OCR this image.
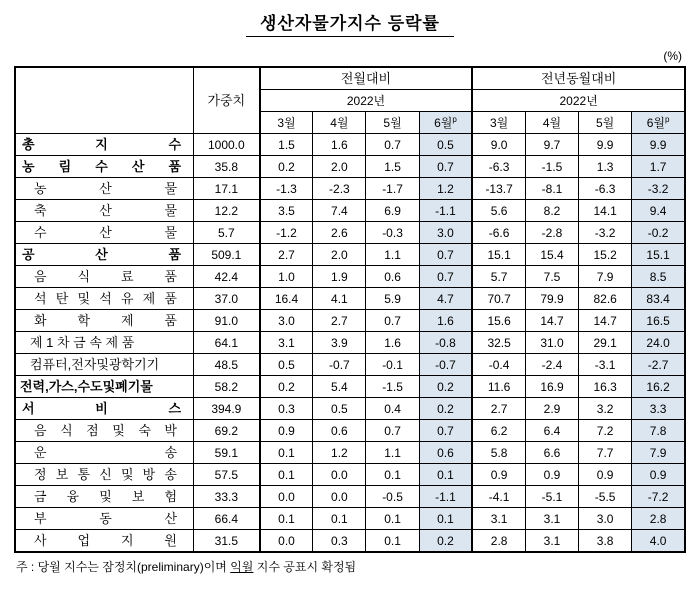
생산자물가지수 등락률
(%)
	가중치	전월대비				전년동월대비			
		2022년				2022년			
		3월	4월	5월	6월$^p$	3월	4월	5월	6월$^p$

총 지 수	1000.0	1.5	1.6	0.7	0.5	9.0	9.7	9.9	9.9

농 림 수 산 품	35.8	0.2	2.0	1.5	0.7	-6.3	-1.5	1.3	1.7

농 산 물	17.1	-1.3	-2.3	-1.7	1.2	-13.7	-8.1	-6.3	-3.2

축 산 물	12.2	3.5	7.4	6.9	-1.1	5.6	8.2	14.1	9.4

수 산 물	5.7	-1.2	2.6	-0.3	3.0	-6.6	-2.8	-3.2	-0.2

공 산 품	509.1	2.7	2.0	1.1	0.7	15.1	15.4	15.2	15.1

음 식 료 품	42.4	1.0	1.9	0.6	0.7	5.7	7.5	7.9	8.5

석 탄 및 석 유 제 품	37.0	16.4	4.1	5.9	4.7	70.7	79.9	82.6	83.4

화 학 제 품	91.0	3.0	2.7	0.7	1.6	15.6	14.7	14.7	16.5

제 1 차 금 속 제 품	64.1	3.1	3.9	1.6	-0.8	32.5	31.0	29.1	24.0

컴퓨터,전자및광학기기	48.5	0.5	-0.7	-0.1	-0.7	-0.4	-2.4	-3.1	-2.7

전력,가스,수도및폐기물	58.2	0.2	5.4	-1.5	0.2	11.6	16.9	16.3	16.2

서 비 스	394.9	0.3	0.5	0.4	0.2	2.7	2.9	3.2	3.3

음 식 점 및 숙 박	69.2	0.9	0.6	0.7	0.7	6.2	6.4	7.2	7.8

운 송	59.1	0.1	1.2	1.1	0.6	5.8	6.6	7.7	7.9

정 보 통 신 및 방 송	57.5	0.1	0.0	0.1	0.1	0.9	0.9	0.9	0.9

금 융 및 보 험	33.3	0.0	0.0	-0.5	-1.1	-4.1	-5.1	-5.5	-7.2

부 동 산	66.4	0.1	0.1	0.1	0.1	3.1	3.1	3.0	2.8

사 업 지 원	31.5	0.0	0.3	0.1	0.2	2.8	3.1	3.8	4.0
주 : 당월 지수는 잠정치(preliminary)이며 익월 지수 공표시 확정됨
